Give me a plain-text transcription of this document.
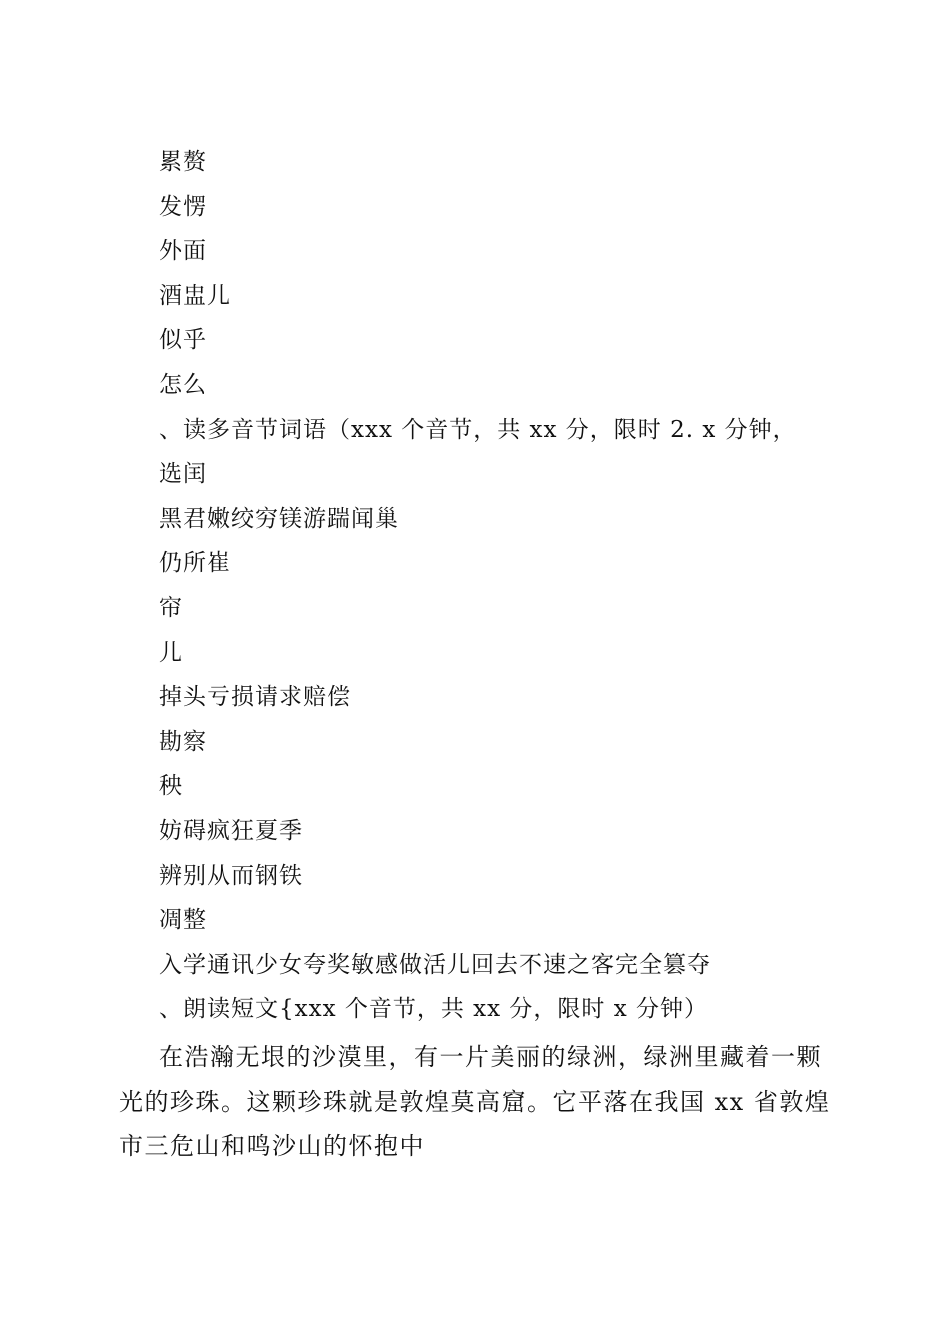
累赘
发愣
外面
酒盅儿
似乎
怎么
、读多音节词语（xxx 个音节，共 xx 分，限时 2. x 分钟，
选闰
黑君嫩绞穷镁游踹闻巢
仍所崔
帘
儿
掉头亏损请求赔偿
勘察
秧
妨碍疯狂夏季
辨别从而钢铁
凋整
入学通讯少女夸奖敏感做活儿回去不速之客完全篡夺
、朗读短文{xxx 个音节，共 xx 分，限时 x 分钟）
在浩瀚无垠的沙漠里，有一片美丽的绿洲，绿洲里藏着一颗
光的珍珠。这颗珍珠就是敦煌莫高窟。它平落在我国 xx 省敦煌
市三危山和鸣沙山的怀抱中
